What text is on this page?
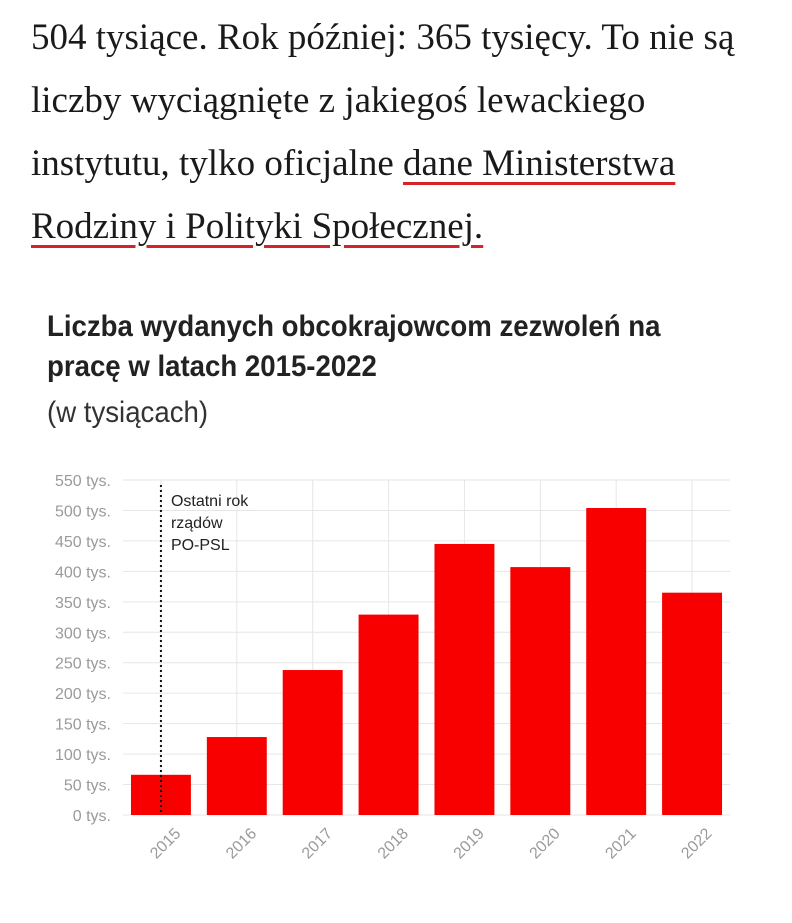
504 tysiące. Rok później: 365 tysięcy. To nie są liczby wyciągnięte z jakiegoś lewackiego instytutu, tylko oficjalne dane Ministerstwa Rodziny i Polityki Społecznej.

Liczba wydanych obcokrajowcom zezwoleń na pracę w latach 2015-2022
(w tysiącach)
0 tys.
50 tys.
100 tys.
150 tys.
200 tys.
250 tys.
300 tys.
350 tys.
400 tys.
450 tys.
500 tys.
550 tys.
2015 2016 2017 2018 2019 2020 2021 2022
Ostatni rok
rządów
PO-PSL
